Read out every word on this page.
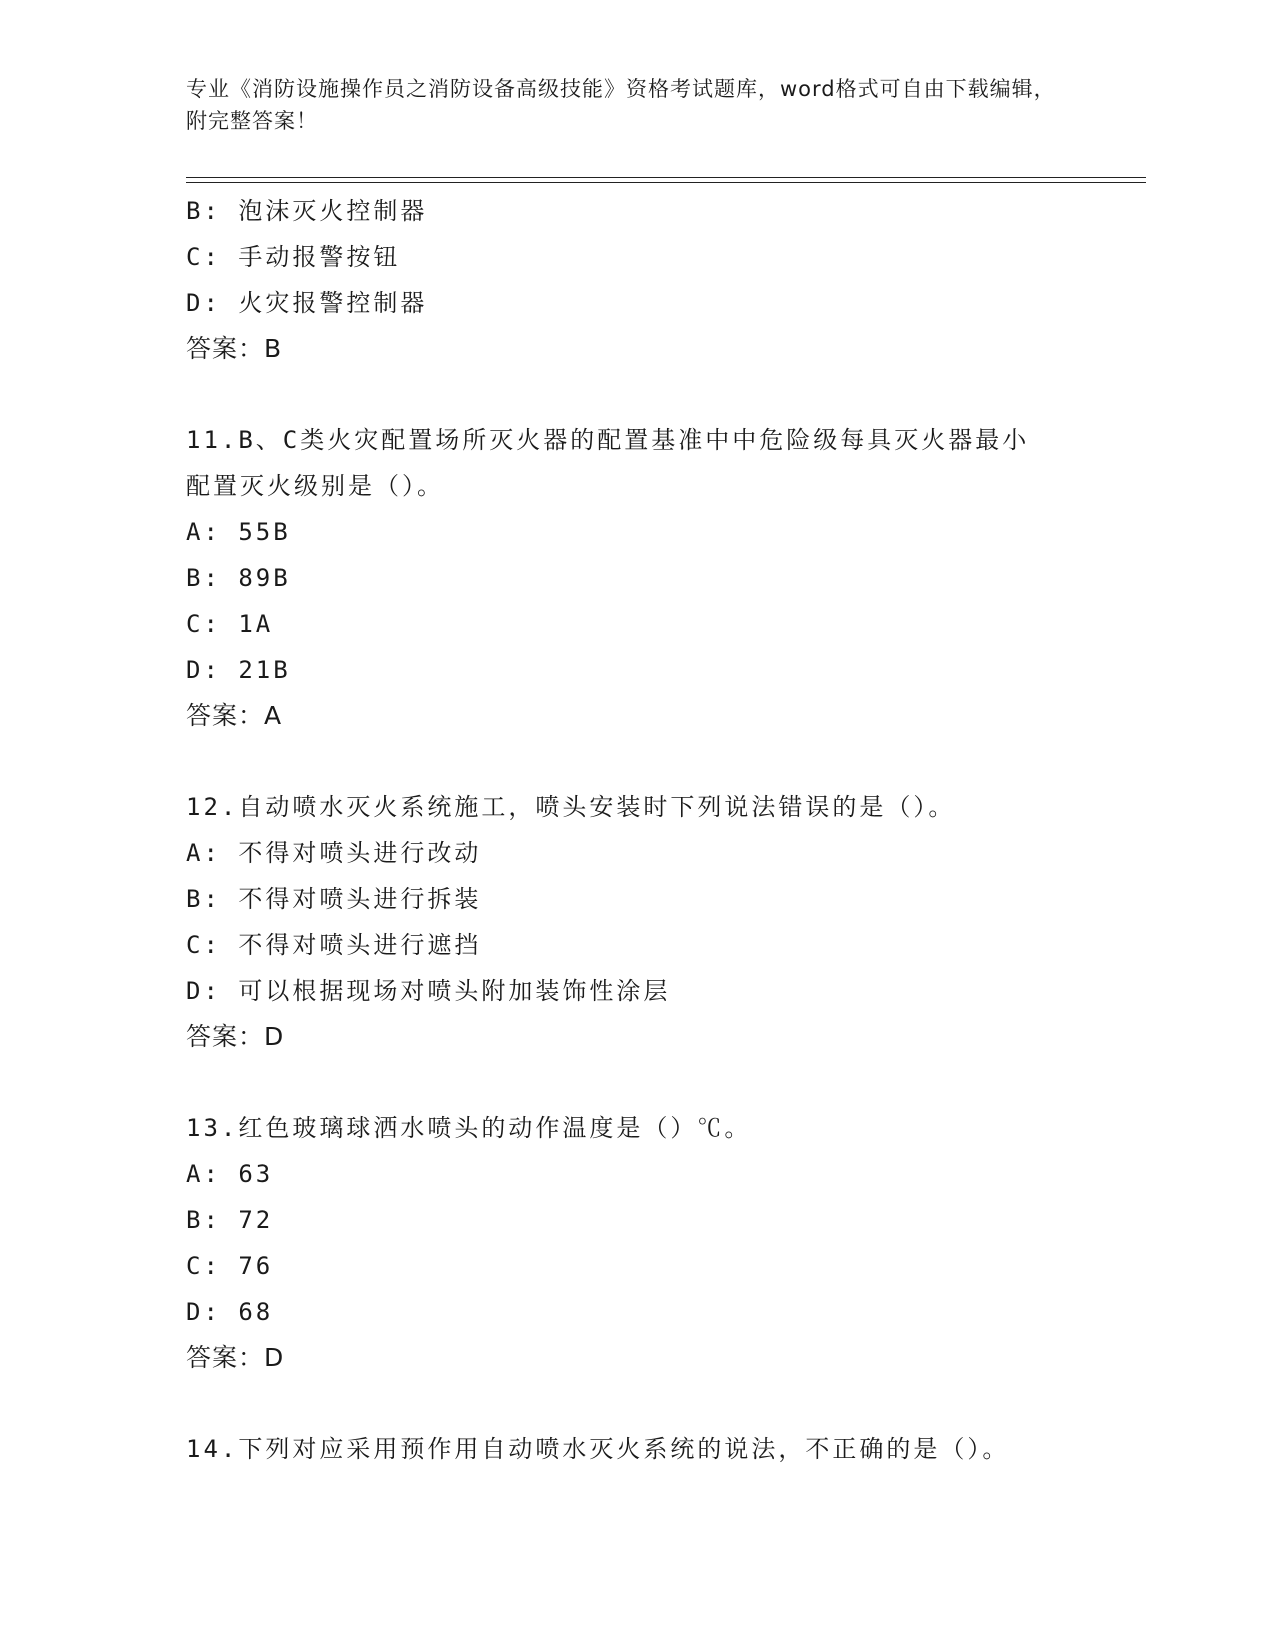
专业《消防设施操作员之消防设备高级技能》资格考试题库，word格式可自由下载编辑，附完整答案！
B: 泡沫灭火控制器
C: 手动报警按钮
D: 火灾报警控制器
答案：B
11.B、C类火灾配置场所灭火器的配置基准中中危险级每具灭火器最小
配置灭火级别是（）。
A: 55B
B: 89B
C: 1A
D: 21B
答案：A
12.自动喷水灭火系统施工，喷头安装时下列说法错误的是（）。
A: 不得对喷头进行改动
B: 不得对喷头进行拆装
C: 不得对喷头进行遮挡
D: 可以根据现场对喷头附加装饰性涂层
答案：D
13.红色玻璃球洒水喷头的动作温度是（）℃。
A: 63
B: 72
C: 76
D: 68
答案：D
14.下列对应采用预作用自动喷水灭火系统的说法，不正确的是（）。
